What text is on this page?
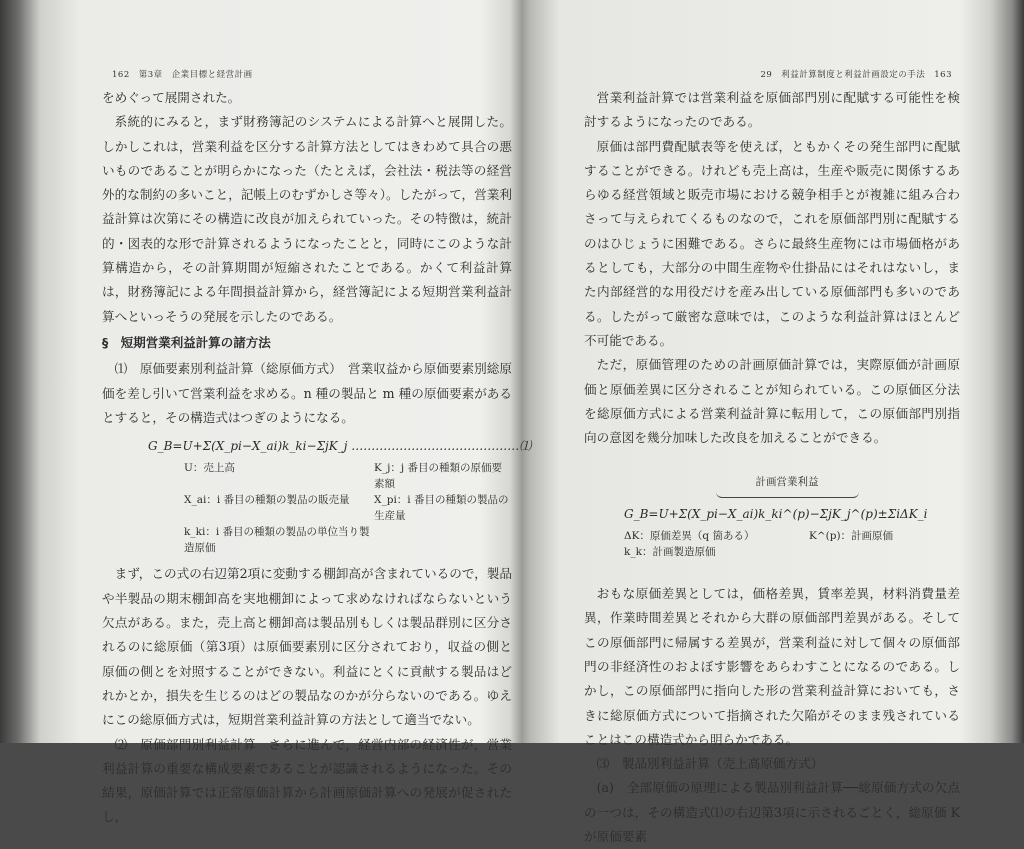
162　第3章　企業目標と経営計画

をめぐって展開された。

系統的にみると，まず財務簿記のシステムによる計算へと展開した。しかしこれは，営業利益を区分する計算方法としてはきわめて具合の悪いものであることが明らかになった（たとえば，会社法・税法等の経営外的な制約の多いこと，記帳上のむずかしさ等々）。したがって，営業利益計算は次第にその構造に改良が加えられていった。その特徴は，統計的・図表的な形で計算されるようになったことと，同時にこのような計算構造から，その計算期間が短縮されたことである。かくて利益計算は，財務簿記による年間損益計算から，経営簿記による短期営業利益計算へといっそうの発展を示したのである。

§　短期営業利益計算の諸方法

⑴　原価要素別利益計算（総原価方式）　営業収益から原価要素別総原価を差し引いて営業利益を求める。n 種の製品と m 種の原価要素があるとすると，その構造式はつぎのようになる。

G_B=U+Σ(X_pi−X_ai)k_ki−ΣjK_j ……………………………………⑴
U：売上高	K_j：j 番目の種類の原価要素額
X_ai：i 番目の種類の製品の販売量	X_pi：i 番目の種類の製品の生産量
k_ki：i 番目の種類の製品の単位当り製造原価

まず，この式の右辺第2項に変動する棚卸高が含まれているので，製品や半製品の期末棚卸高を実地棚卸によって求めなければならないという欠点がある。また，売上高と棚卸高は製品別もしくは製品群別に区分されるのに総原価（第3項）は原価要素別に区分されており，収益の側と原価の側とを対照することができない。利益にとくに貢献する製品はどれかとか，損失を生じるのはどの製品なのかが分らないのである。ゆえにこの総原価方式は，短期営業利益計算の方法として適当でない。

⑵　原価部門別利益計算　さらに進んで，経営内部の経済性が，営業利益計算の重要な構成要素であることが認識されるようになった。その結果，原価計算では正常原価計算から計画原価計算への発展が促されたし，

29　利益計算制度と利益計画設定の手法　163

営業利益計算では営業利益を原価部門別に配賦する可能性を検討するようになったのである。

原価は部門費配賦表等を使えば，ともかくその発生部門に配賦することができる。けれども売上高は，生産や販売に関係するあらゆる経営領域と販売市場における競争相手とが複雑に組み合わさって与えられてくるものなので，これを原価部門別に配賦するのはひじょうに困難である。さらに最終生産物には市場価格があるとしても，大部分の中間生産物や仕掛品にはそれはないし，また内部経営的な用役だけを産み出している原価部門も多いのである。したがって厳密な意味では，このような利益計算はほとんど不可能である。

ただ，原価管理のための計画原価計算では，実際原価が計画原価と原価差異に区分されることが知られている。この原価区分法を総原価方式による営業利益計算に転用して，この原価部門別指向の意図を幾分加味した改良を加えることができる。

計画営業利益
G_B=U+Σ(X_pi−X_ai)k_ki^(p)−ΣjK_j^(p)±ΣiΔK_i
ΔK：原価差異（q 箇ある）	K^(p)：計画原価
k_k：計画製造原価

おもな原価差異としては，価格差異，賃率差異，材料消費量差異，作業時間差異とそれから大群の原価部門差異がある。そしてこの原価部門に帰属する差異が，営業利益に対して個々の原価部門の非経済性のおよぼす影響をあらわすことになるのである。しかし，この原価部門に指向した形の営業利益計算においても，さきに総原価方式について指摘された欠陥がそのまま残されていることはこの構造式から明らかである。

⑶　製品別利益計算（売上高原価方式）

(a)　全部原価の原理による製品別利益計算──総原価方式の欠点の一つは，その構造式⑴の右辺第3項に示されるごとく，総原価 K が原価要素
